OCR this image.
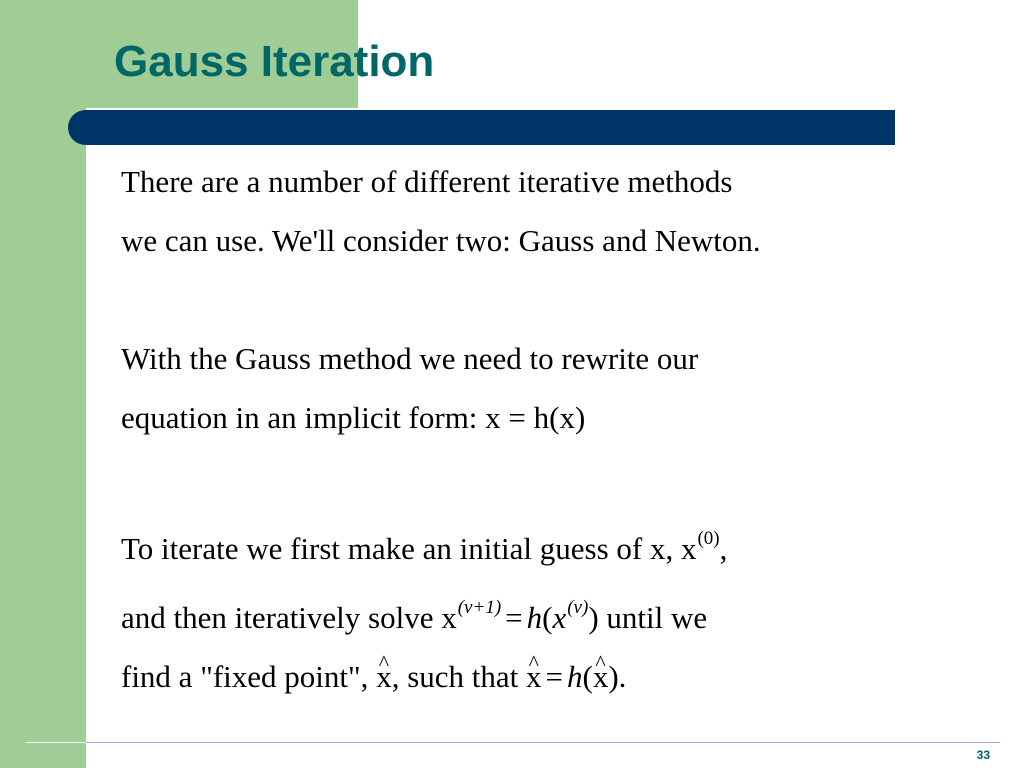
Gauss Iteration
There are a number of different iterative methods
we can use. We'll consider two: Gauss and Newton.
With the Gauss method we need to rewrite our
equation in an implicit form: x = h(x)
To iterate we first make an initial guess of x, $x^{(0)}$,
and then iteratively solve $x^{(v+1)} = h(x^{(v)})$ until we
find a "fixed point", ^ x, such that ^ x = h(^ x).
33
